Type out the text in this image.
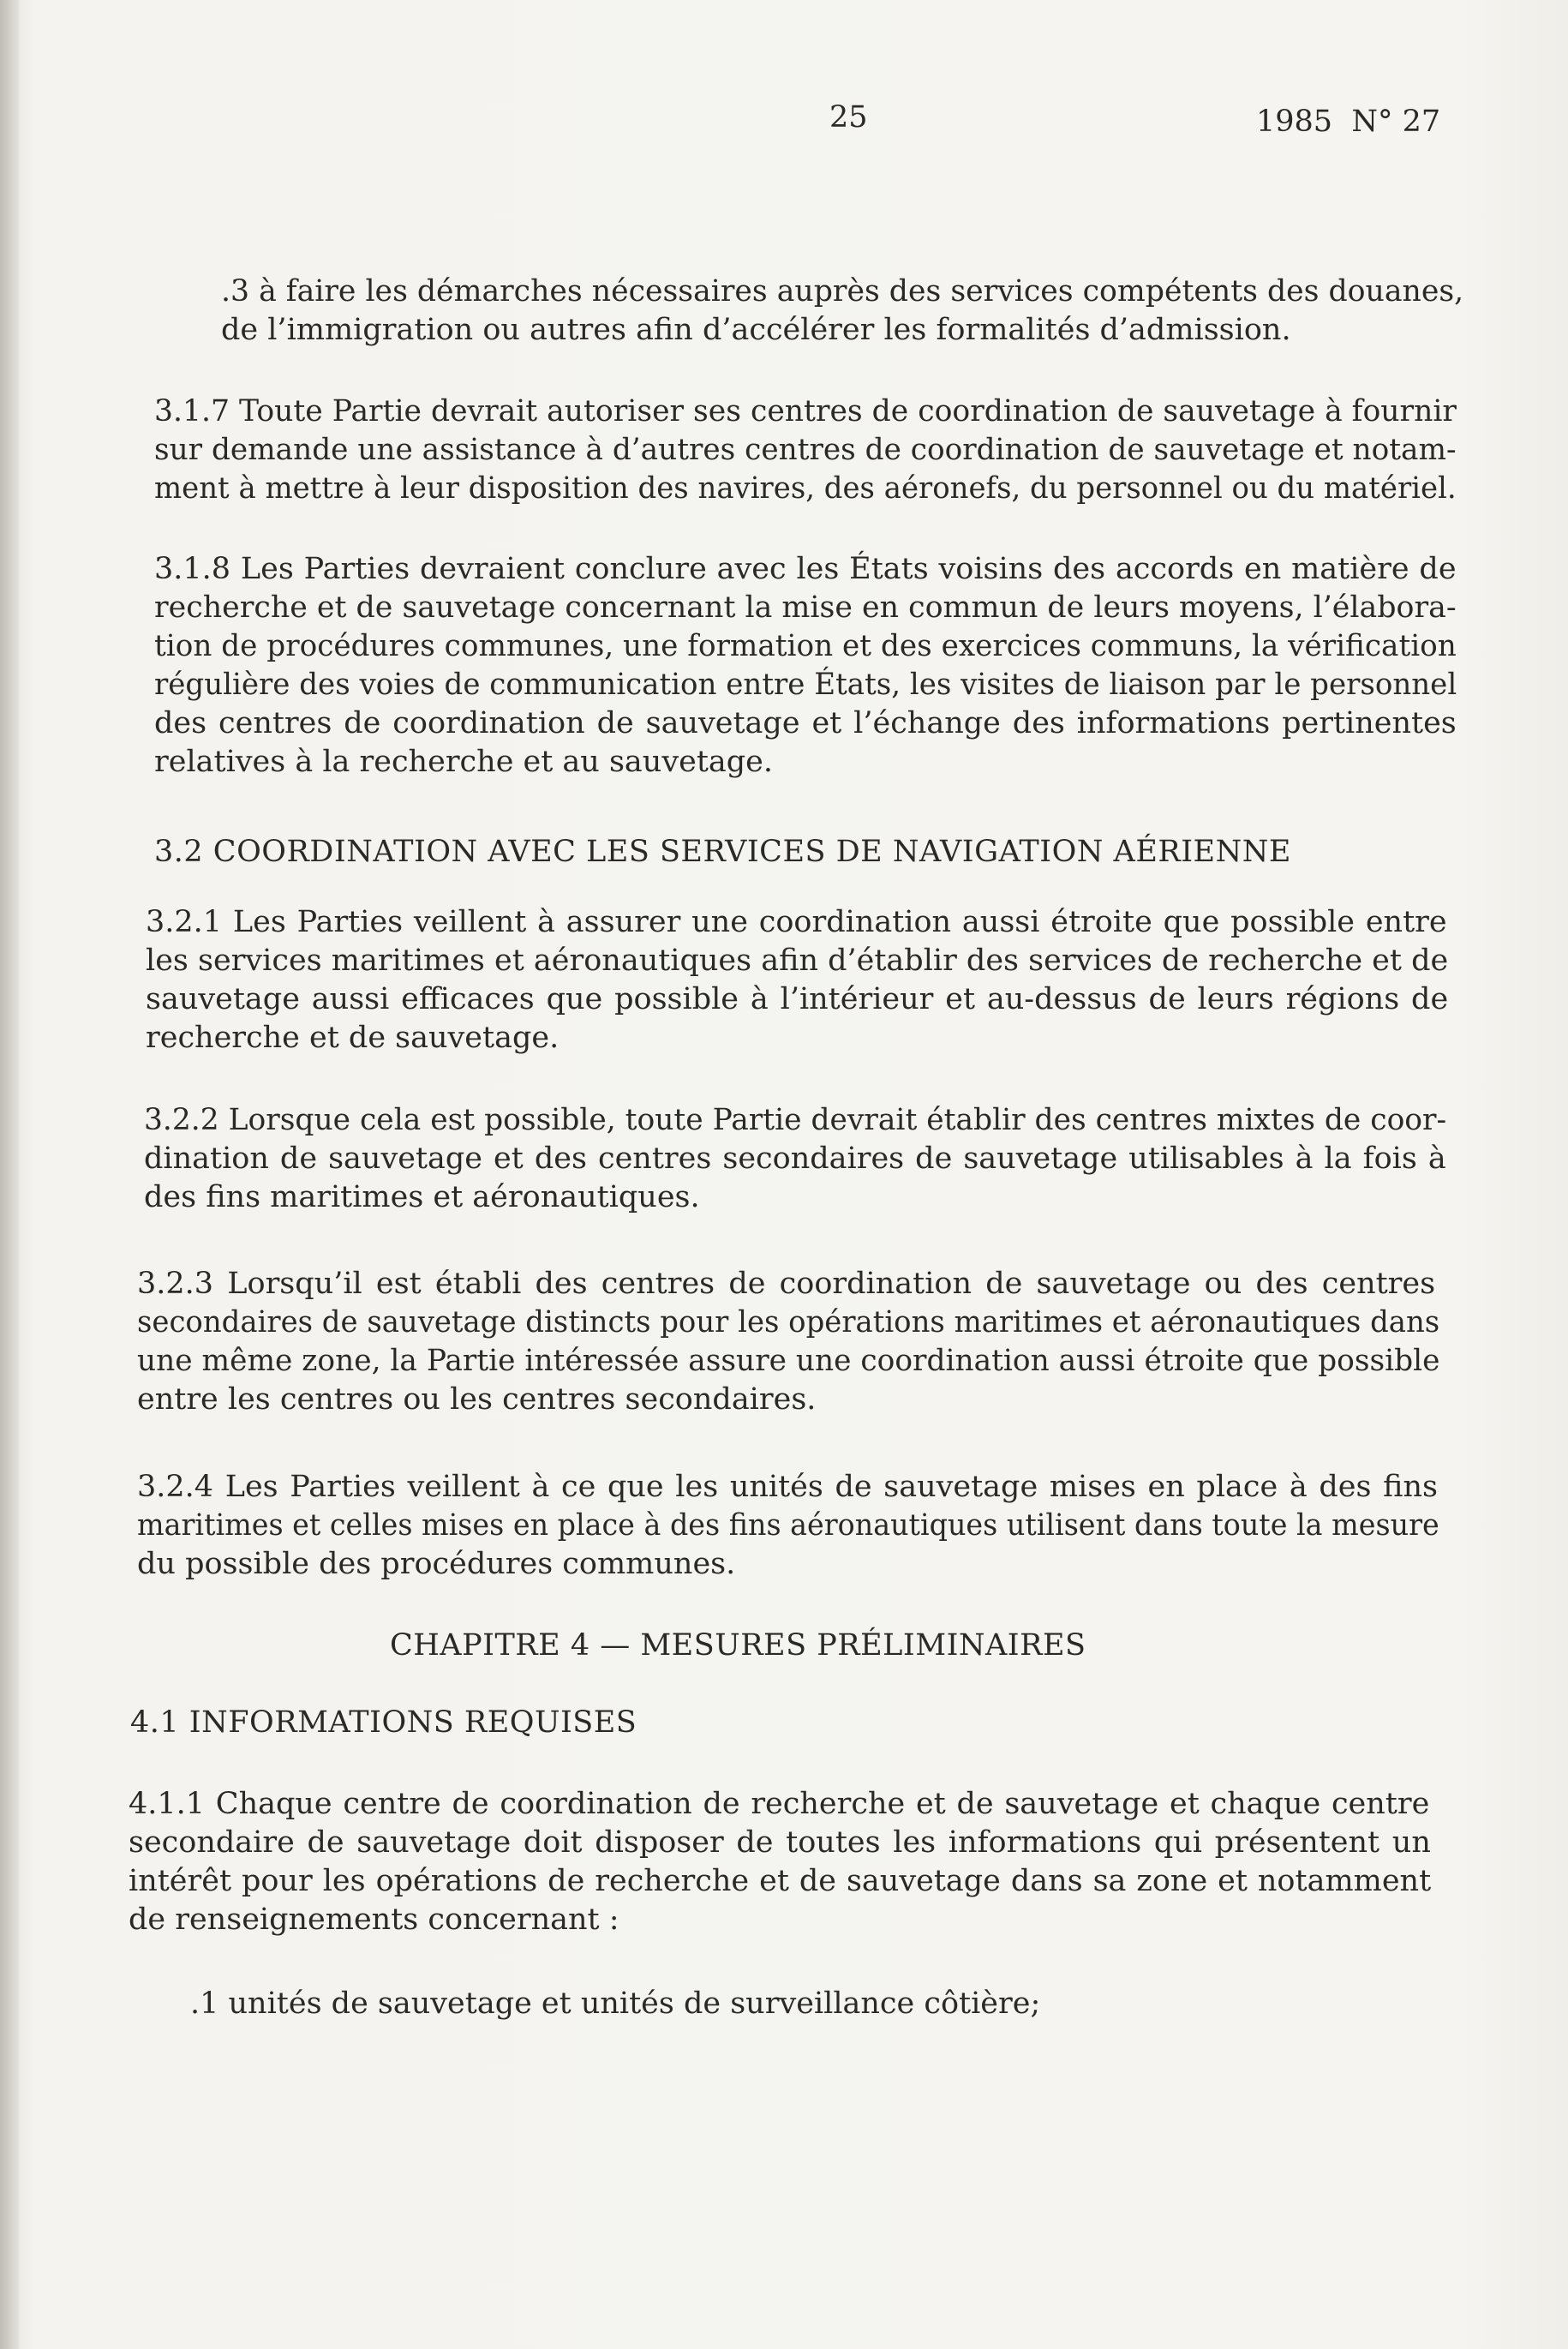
25	1985  N° 27
.3 à faire les démarches nécessaires auprès des services compétents des douanes,
de l’immigration ou autres afin d’accélérer les formalités d’admission.
3.1.7 Toute Partie devrait autoriser ses centres de coordination de sauvetage à fournir
sur demande une assistance à d’autres centres de coordination de sauvetage et notam-
ment à mettre à leur disposition des navires, des aéronefs, du personnel ou du matériel.
3.1.8 Les Parties devraient conclure avec les États voisins des accords en matière de
recherche et de sauvetage concernant la mise en commun de leurs moyens, l’élabora-
tion de procédures communes, une formation et des exercices communs, la vérification
régulière des voies de communication entre États, les visites de liaison par le personnel
des centres de coordination de sauvetage et l’échange des informations pertinentes
relatives à la recherche et au sauvetage.
3.2 COORDINATION AVEC LES SERVICES DE NAVIGATION AÉRIENNE
3.2.1 Les Parties veillent à assurer une coordination aussi étroite que possible entre
les services maritimes et aéronautiques afin d’établir des services de recherche et de
sauvetage aussi efficaces que possible à l’intérieur et au-dessus de leurs régions de
recherche et de sauvetage.
3.2.2 Lorsque cela est possible, toute Partie devrait établir des centres mixtes de coor-
dination de sauvetage et des centres secondaires de sauvetage utilisables à la fois à
des fins maritimes et aéronautiques.
3.2.3 Lorsqu’il est établi des centres de coordination de sauvetage ou des centres
secondaires de sauvetage distincts pour les opérations maritimes et aéronautiques dans
une même zone, la Partie intéressée assure une coordination aussi étroite que possible
entre les centres ou les centres secondaires.
3.2.4 Les Parties veillent à ce que les unités de sauvetage mises en place à des fins
maritimes et celles mises en place à des fins aéronautiques utilisent dans toute la mesure
du possible des procédures communes.
CHAPITRE 4 — MESURES PRÉLIMINAIRES
4.1 INFORMATIONS REQUISES
4.1.1 Chaque centre de coordination de recherche et de sauvetage et chaque centre
secondaire de sauvetage doit disposer de toutes les informations qui présentent un
intérêt pour les opérations de recherche et de sauvetage dans sa zone et notamment
de renseignements concernant :
.1 unités de sauvetage et unités de surveillance côtière;
